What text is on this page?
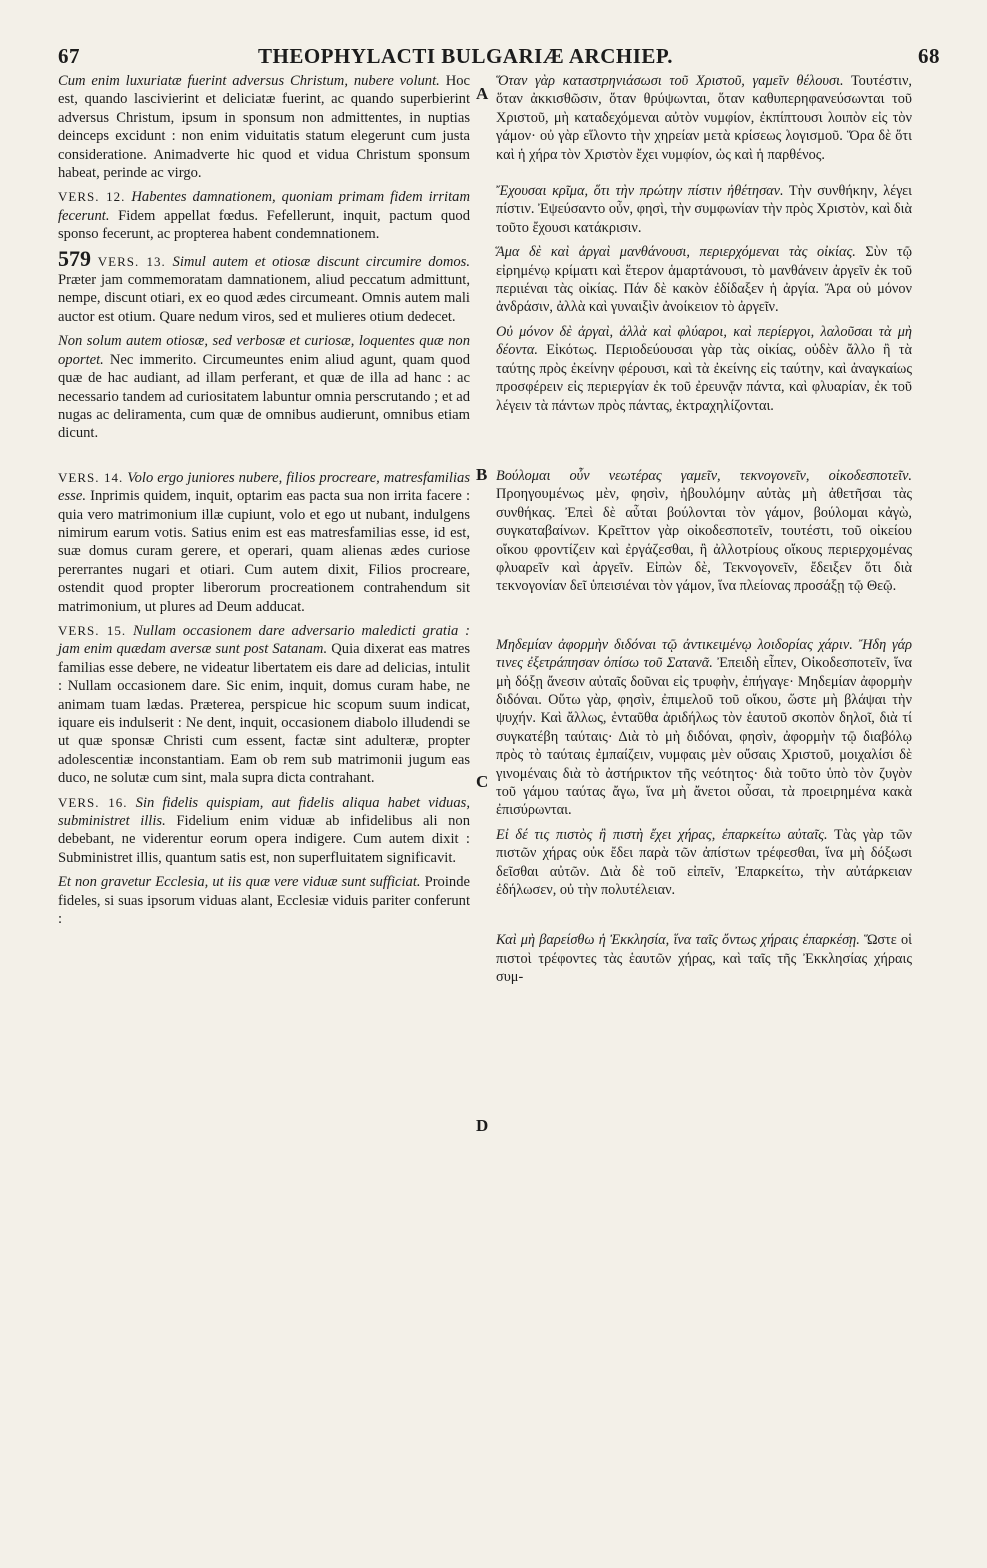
67	THEOPHYLACTI BULGARIÆ ARCHIEP.	68
A
B
C
D

Cum enim luxuriatæ fuerint adversus Christum, nubere volunt. Hoc est, quando lascivierint et deliciatæ fuerint, ac quando superbierint adversus Christum, ipsum in sponsum non admittentes, in nuptias deinceps excidunt : non enim viduitatis statum elegerunt cum justa consideratione. Animadverte hic quod et vidua Christum sponsum habeat, perinde ac virgo.

VERS. 12. Habentes damnationem, quoniam primam fidem irritam fecerunt. Fidem appellat fœdus. Fefellerunt, inquit, pactum quod sponso fecerunt, ac propterea habent condemnationem.

579 VERS. 13. Simul autem et otiosæ discunt circumire domos. Præter jam commemoratam damnationem, aliud peccatum admittunt, nempe, discunt otiari, ex eo quod ædes circumeant. Omnis autem mali auctor est otium. Quare nedum viros, sed et mulieres otium dedecet.

Non solum autem otiosæ, sed verbosæ et curiosæ, loquentes quæ non oportet. Nec immerito. Circumeuntes enim aliud agunt, quam quod quæ de hac audiant, ad illam perferant, et quæ de illa ad hanc : ac necessario tandem ad curiositatem labuntur omnia perscrutando ; et ad nugas ac deliramenta, cum quæ de omnibus audierunt, omnibus etiam dicunt.

VERS. 14. Volo ergo juniores nubere, filios procreare, matresfamilias esse. Inprimis quidem, inquit, optarim eas pacta sua non irrita facere : quia vero matrimonium illæ cupiunt, volo et ego ut nubant, indulgens nimirum earum votis. Satius enim est eas matresfamilias esse, id est, suæ domus curam gerere, et operari, quam alienas ædes curiose pererrantes nugari et otiari. Cum autem dixit, Filios procreare, ostendit quod propter liberorum procreationem contrahendum sit matrimonium, ut plures ad Deum adducat.

VERS. 15. Nullam occasionem dare adversario maledicti gratia : jam enim quædam aversæ sunt post Satanam. Quia dixerat eas matres familias esse debere, ne videatur libertatem eis dare ad delicias, intulit : Nullam occasionem dare. Sic enim, inquit, domus curam habe, ne animam tuam lædas. Præterea, perspicue hic scopum suum indicat, iquare eis indulserit : Ne dent, inquit, occasionem diabolo illudendi se ut quæ sponsæ Christi cum essent, factæ sint adulteræ, propter adolescentiæ inconstantiam. Eam ob rem sub matrimonii jugum eas duco, ne solutæ cum sint, mala supra dicta contrahant.

VERS. 16. Sin fidelis quispiam, aut fidelis aliqua habet viduas, subministret illis. Fidelium enim viduæ ab infidelibus ali non debebant, ne viderentur eorum opera indigere. Cum autem dixit : Subministret illis, quantum satis est, non superfluitatem significavit.

Et non gravetur Ecclesia, ut iis quæ vere viduæ sunt sufficiat. Proinde fideles, si suas ipsorum viduas alant, Ecclesiæ viduis pariter conferunt :

Ὅταν γὰρ καταστρηνιάσωσι τοῦ Χριστοῦ, γαμεῖν θέλουσι. Τουτέστιν, ὅταν ἀκκισθῶσιν, ὅταν θρύψωνται, ὅταν καθυπερηφανεύσωνται τοῦ Χριστοῦ, μὴ καταδεχόμεναι αὐτὸν νυμφίον, ἐκπίπτουσι λοιπὸν εἰς τὸν γάμον· οὐ γὰρ εἵλοντο τὴν χηρείαν μετὰ κρίσεως λογισμοῦ. Ὅρα δὲ ὅτι καὶ ἡ χήρα τὸν Χριστὸν ἔχει νυμφίον, ὡς καὶ ἡ παρθένος.

Ἔχουσαι κρῖμα, ὅτι τὴν πρώτην πίστιν ἠθέτησαν. Τὴν συνθήκην, λέγει πίστιν. Ἐψεύσαντο οὖν, φησὶ, τὴν συμφωνίαν τὴν πρὸς Χριστὸν, καὶ διὰ τοῦτο ἔχουσι κατάκρισιν.

Ἅμα δὲ καὶ ἀργαὶ μανθάνουσι, περιερχόμεναι τὰς οἰκίας. Σὺν τῷ εἰρημένῳ κρίματι καὶ ἕτερον ἁμαρτάνουσι, τὸ μανθάνειν ἀργεῖν ἐκ τοῦ περιιέναι τὰς οἰκίας. Πάν δὲ κακὸν ἐδίδαξεν ἡ ἀργία. Ἄρα οὐ μόνον ἀνδράσιν, ἀλλὰ καὶ γυναιξὶν ἀνοίκειον τὸ ἀργεῖν.

Οὐ μόνον δὲ ἀργαὶ, ἀλλὰ καὶ φλύαροι, καὶ περίεργοι, λαλοῦσαι τὰ μὴ δέοντα. Εἰκότως. Περιοδεύουσαι γὰρ τὰς οἰκίας, οὐδὲν ἄλλο ἢ τὰ ταύτης πρὸς ἐκείνην φέρουσι, καὶ τὰ ἐκείνης εἰς ταύτην, καὶ ἀναγκαίως προσφέρειν εἰς περιεργίαν ἐκ τοῦ ἐρευνᾷν πάντα, καὶ φλυαρίαν, ἐκ τοῦ λέγειν τὰ πάντων πρὸς πάντας, ἐκτραχηλίζονται.

Βούλομαι οὖν νεωτέρας γαμεῖν, τεκνογονεῖν, οἰκοδεσποτεῖν. Προηγουμένως μὲν, φησὶν, ἠβουλόμην αὐτὰς μὴ ἀθετῆσαι τὰς συνθήκας. Ἐπεὶ δὲ αὗται βούλονται τὸν γάμον, βούλομαι κἀγὼ, συγκαταβαίνων. Κρεῖττον γὰρ οἰκοδεσποτεῖν, τουτέστι, τοῦ οἰκείου οἴκου φροντίζειν καὶ ἐργάζεσθαι, ἢ ἀλλοτρίους οἴκους περιερχομένας φλυαρεῖν καὶ ἀργεῖν. Εἰπὼν δὲ, Τεκνογονεῖν, ἔδειξεν ὅτι διὰ τεκνογονίαν δεῖ ὑπεισιέναι τὸν γάμον, ἵνα πλείονας προσάξῃ τῷ Θεῷ.

Μηδεμίαν ἀφορμὴν διδόναι τῷ ἀντικειμένῳ λοιδορίας χάριν. Ἤδη γάρ τινες ἐξετράπησαν ὀπίσω τοῦ Σατανᾶ. Ἐπειδὴ εἶπεν, Οἰκοδεσποτεῖν, ἵνα μὴ δόξῃ ἄνεσιν αὐταῖς δοῦναι εἰς τρυφὴν, ἐπήγαγε· Μηδεμίαν ἀφορμὴν διδόναι. Οὕτω γὰρ, φησὶν, ἐπιμελοῦ τοῦ οἴκου, ὥστε μὴ βλάψαι τὴν ψυχήν. Καὶ ἄλλως, ἐνταῦθα ἀριδήλως τὸν ἑαυτοῦ σκοπὸν δηλοῖ, διὰ τί συγκατέβη ταύταις· Διὰ τὸ μὴ διδόναι, φησὶν, ἀφορμὴν τῷ διαβόλῳ πρὸς τὸ ταύταις ἐμπαίζειν, νυμφαις μὲν οὔσαις Χριστοῦ, μοιχαλίσι δὲ γινομέναις διὰ τὸ ἀστήρικτον τῆς νεότητος· διὰ τοῦτο ὑπὸ τὸν ζυγὸν τοῦ γάμου ταύτας ἄγω, ἵνα μὴ ἄνετοι οὖσαι, τὰ προειρημένα κακὰ ἐπισύρωνται.

Εἰ δέ τις πιστὸς ἢ πιστὴ ἔχει χήρας, ἐπαρκείτω αὐταῖς. Τὰς γὰρ τῶν πιστῶν χήρας οὐκ ἔδει παρὰ τῶν ἀπίστων τρέφεσθαι, ἵνα μὴ δόξωσι δεῖσθαι αὐτῶν. Διὰ δὲ τοῦ εἰπεῖν, Ἐπαρκείτω, τὴν αὐτάρκειαν ἐδήλωσεν, οὐ τὴν πολυτέλειαν.

Καὶ μὴ βαρείσθω ἡ Ἐκκλησία, ἵνα ταῖς ὄντως χήραις ἐπαρκέσῃ. Ὥστε οἱ πιστοὶ τρέφοντες τὰς ἑαυτῶν χήρας, καὶ ταῖς τῆς Ἐκκλησίας χήραις συμ-
